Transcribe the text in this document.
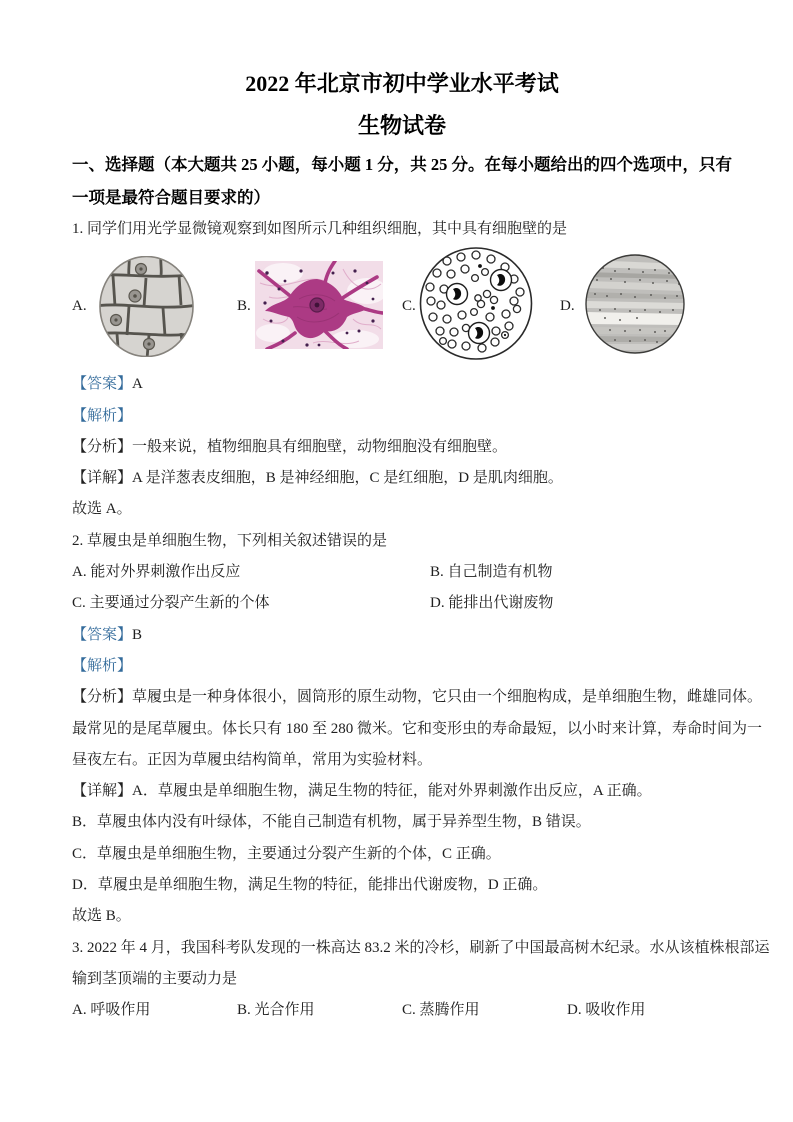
2022 年北京市初中学业水平考试
生物试卷
一、选择题（本大题共 25 小题，每小题 1 分，共 25 分。在每小题给出的四个选项中，只有
一项是最符合题目要求的）
1. 同学们用光学显微镜观察到如图所示几种组织细胞，其中具有细胞壁的是
A.	B.	C.	D.
【答案】A
【解析】
【分析】一般来说，植物细胞具有细胞壁，动物细胞没有细胞壁。
【详解】A 是洋葱表皮细胞，B 是神经细胞，C 是红细胞，D 是肌肉细胞。
故选 A。
2. 草履虫是单细胞生物，下列相关叙述错误的是
A. 能对外界刺激作出反应	B. 自己制造有机物
C. 主要通过分裂产生新的个体	D. 能排出代谢废物
【答案】B
【解析】
【分析】草履虫是一种身体很小，圆筒形的原生动物，它只由一个细胞构成，是单细胞生物，雌雄同体。
最常见的是尾草履虫。体长只有 180 至 280 微米。它和变形虫的寿命最短，以小时来计算，寿命时间为一
昼夜左右。正因为草履虫结构简单，常用为实验材料。
【详解】A．草履虫是单细胞生物，满足生物的特征，能对外界刺激作出反应，A 正确。
B．草履虫体内没有叶绿体，不能自己制造有机物，属于异养型生物，B 错误。
C．草履虫是单细胞生物，主要通过分裂产生新的个体，C 正确。
D．草履虫是单细胞生物，满足生物的特征，能排出代谢废物，D 正确。
故选 B。
3. 2022 年 4 月，我国科考队发现的一株高达 83.2 米的冷杉，刷新了中国最高树木纪录。水从该植株根部运
输到茎顶端的主要动力是
A. 呼吸作用	B. 光合作用	C. 蒸腾作用	D. 吸收作用
